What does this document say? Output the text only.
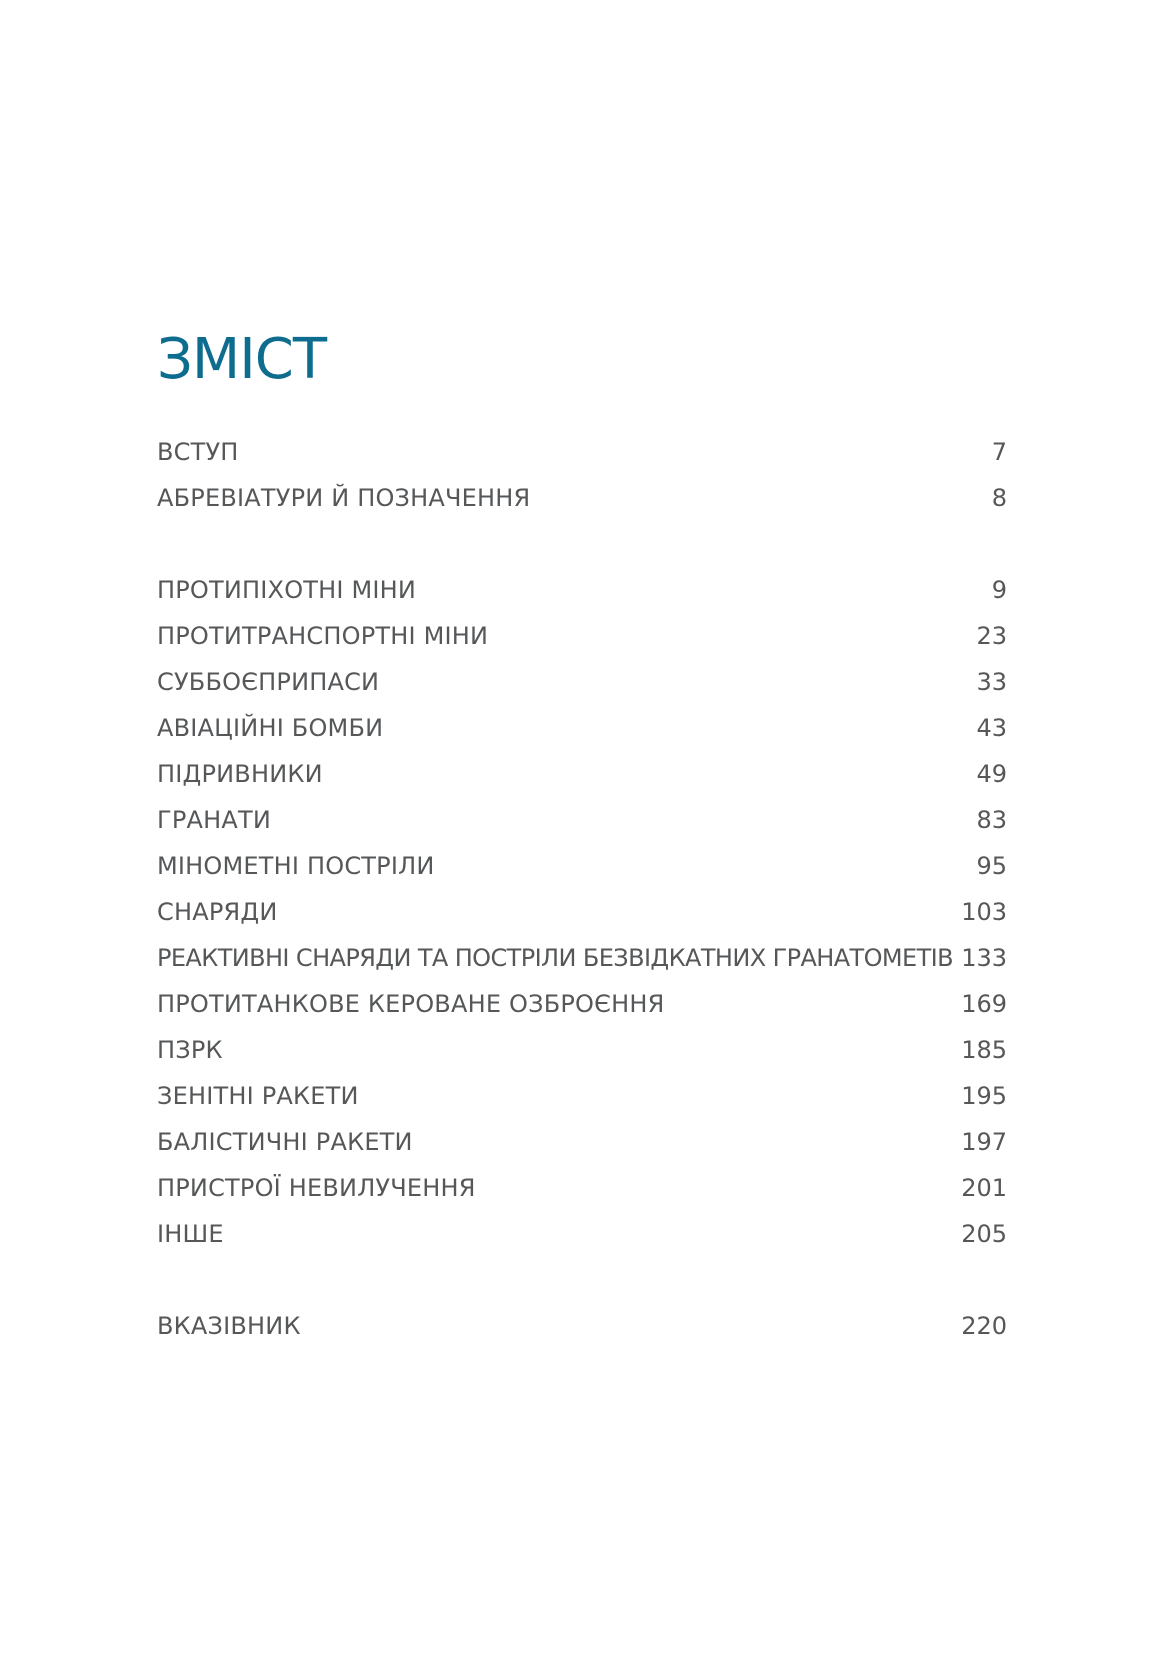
ЗМІСТ
ВСТУП	7
АБРЕВІАТУРИ Й ПОЗНАЧЕННЯ	8
ПРОТИПІХОТНІ МІНИ	9
ПРОТИТРАНСПОРТНІ МІНИ	23
СУББОЄПРИПАСИ	33
АВІАЦІЙНІ БОМБИ	43
ПІДРИВНИКИ	49
ГРАНАТИ	83
МІНОМЕТНІ ПОСТРІЛИ	95
СНАРЯДИ	103
РЕАКТИВНІ СНАРЯДИ ТА ПОСТРІЛИ БЕЗВІДКАТНИХ ГРАНАТОМЕТІВ 133
ПРОТИТАНКОВЕ КЕРОВАНЕ ОЗБРОЄННЯ	169
ПЗРК	185
ЗЕНІТНІ РАКЕТИ	195
БАЛІСТИЧНІ РАКЕТИ	197
ПРИСТРОЇ НЕВИЛУЧЕННЯ	201
ІНШЕ	205
ВКАЗІВНИК	220
